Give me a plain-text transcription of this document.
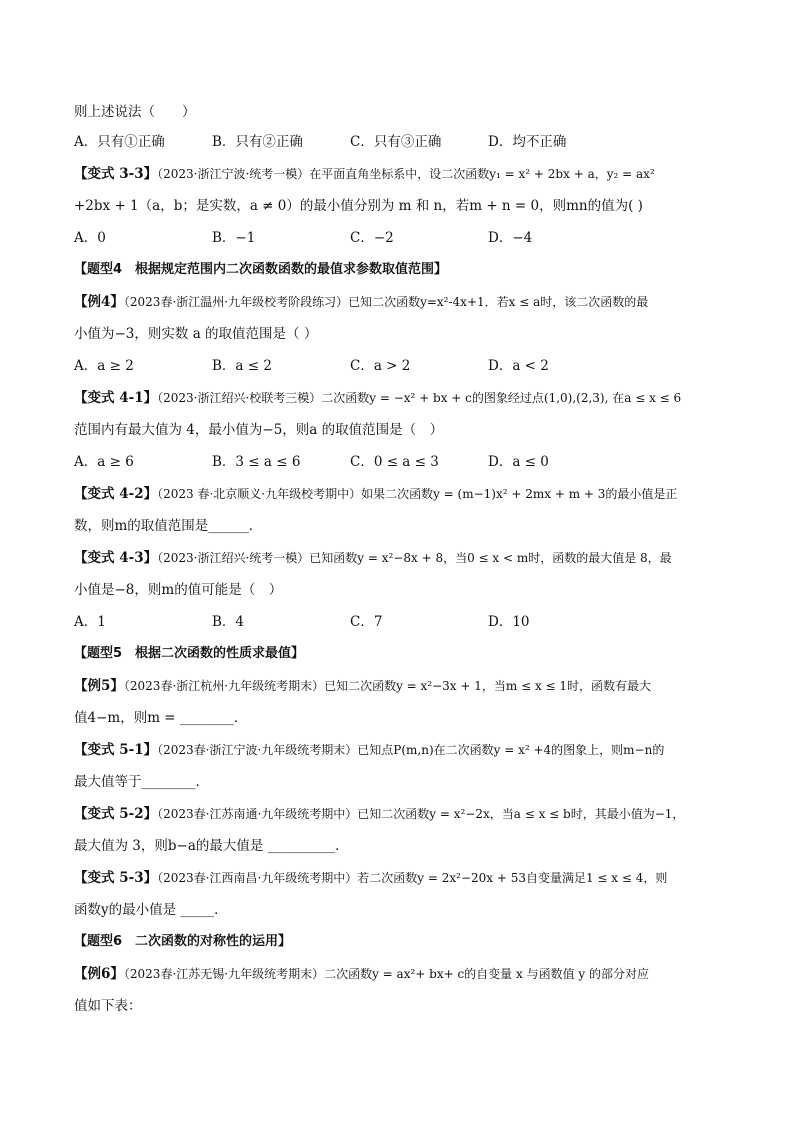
则上述说法（　　）
A．只有①正确	B．只有②正确	C．只有③正确	D．均不正确
【变式 3-3】（2023·浙江宁波·统考一模）在平面直角坐标系中，设二次函数y₁ = x² + 2bx + a，y₂ = ax²
+2bx + 1（a，b；是实数，a ≠ 0）的最小值分别为 m 和 n，若m + n = 0，则mn的值为( )
A．0	B．−1	C．−2	D．−4
【题型4　根据规定范围内二次函数函数的最值求参数取值范围】
【例4】（2023春·浙江温州·九年级校考阶段练习）已知二次函数y=x²-4x+1．若x ≤ a时，该二次函数的最
小值为−3，则实数 a 的取值范围是（ ）
A．a ≥ 2	B．a ≤ 2	C．a > 2	D．a < 2
【变式 4-1】（2023·浙江绍兴·校联考三模）二次函数y = −x² + bx + c的图象经过点(1,0),(2,3), 在a ≤ x ≤ 6
范围内有最大值为 4，最小值为−5，则a 的取值范围是（　）
A．a ≥ 6	B．3 ≤ a ≤ 6	C．0 ≤ a ≤ 3	D．a ≤ 0
【变式 4-2】（2023 春·北京顺义·九年级校考期中）如果二次函数y = (m−1)x² + 2mx + m + 3的最小值是正
数，则m的取值范围是______．
【变式 4-3】（2023·浙江绍兴·统考一模）已知函数y = x²−8x + 8，当0 ≤ x < m时，函数的最大值是 8，最
小值是−8，则m的值可能是（　）
A．1	B．4	C．7	D．10
【题型5　根据二次函数的性质求最值】
【例5】（2023春·浙江杭州·九年级统考期末）已知二次函数y = x²−3x + 1，当m ≤ x ≤ 1时，函数有最大
值4−m，则m = ________．
【变式 5-1】（2023春·浙江宁波·九年级统考期末）已知点P(m,n)在二次函数y = x² +4的图象上，则m−n的
最大值等于________．
【变式 5-2】（2023春·江苏南通·九年级统考期中）已知二次函数y = x²−2x，当a ≤ x ≤ b时，其最小值为−1，
最大值为 3，则b−a的最大值是 __________．
【变式 5-3】（2023春·江西南昌·九年级统考期中）若二次函数y = 2x²−20x + 53自变量满足1 ≤ x ≤ 4，则
函数y的最小值是 _____．
【题型6　二次函数的对称性的运用】
【例6】（2023春·江苏无锡·九年级统考期末）二次函数y = ax²+ bx+ c的自变量 x 与函数值 y 的部分对应
值如下表：
